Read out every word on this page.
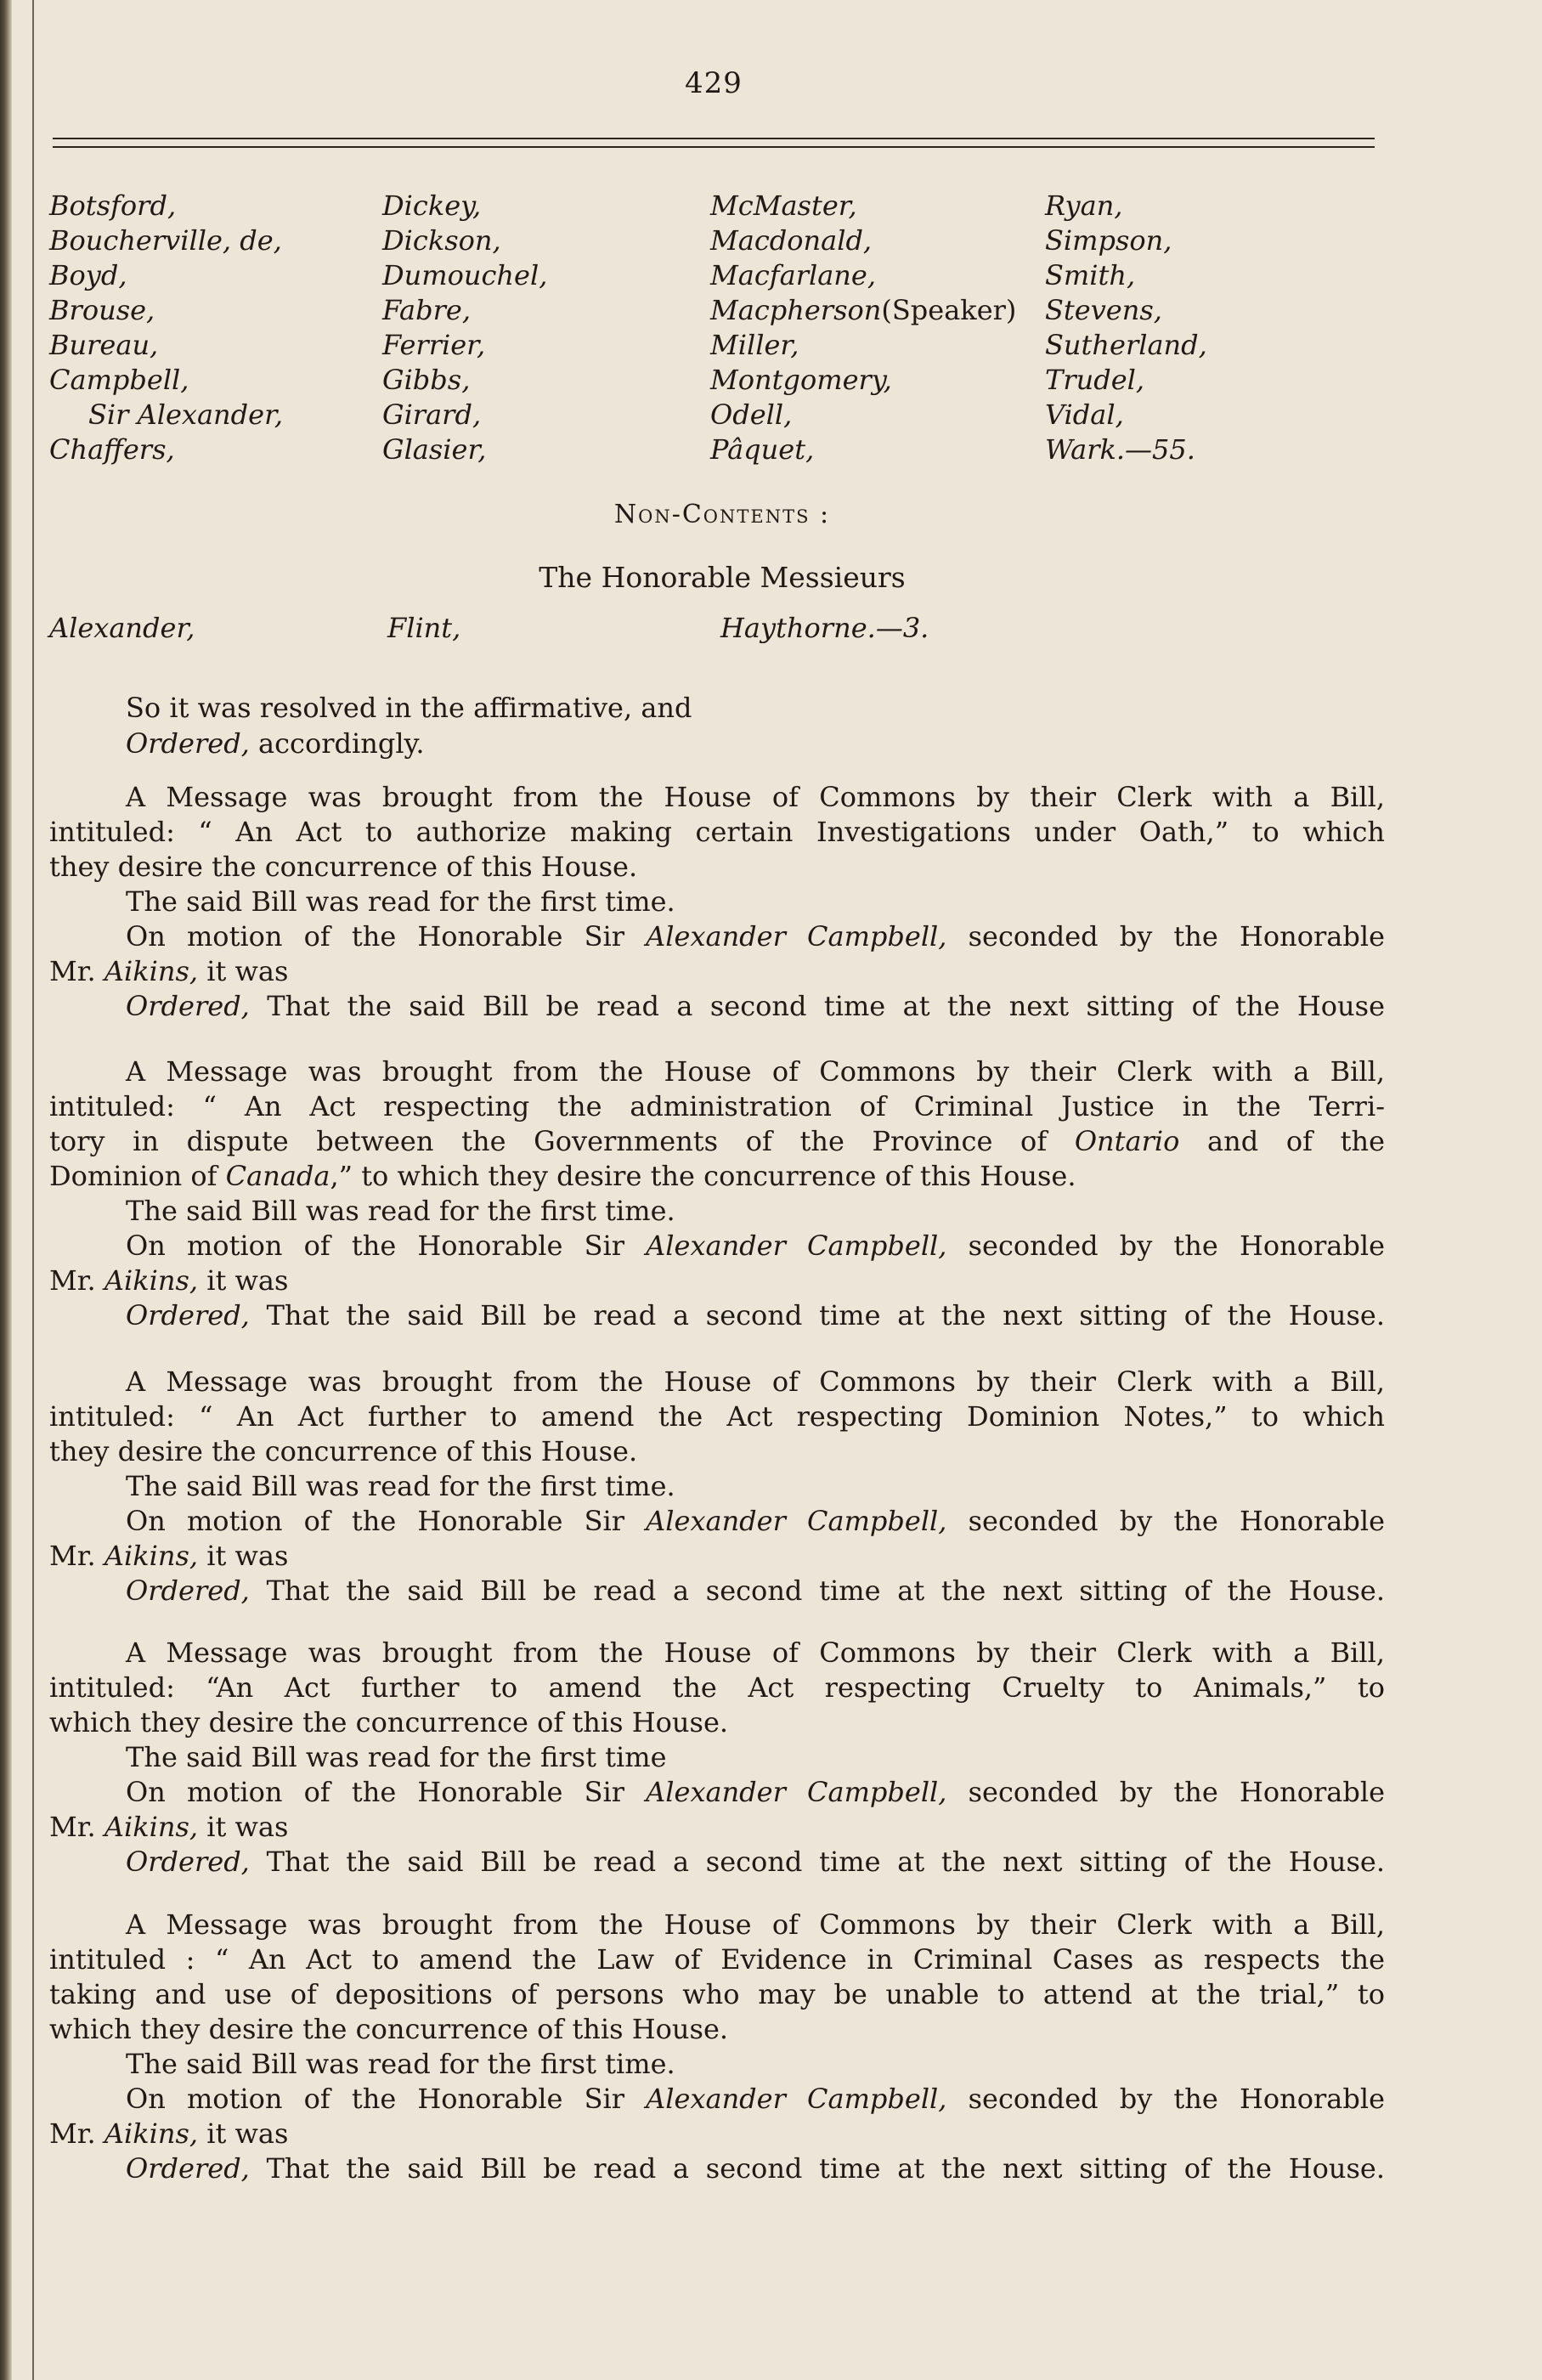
429
Botsford,
Boucherville, de,
Boyd,
Brouse,
Bureau,
Campbell,
Sir Alexander,
Chaffers,
Dickey,
Dickson,
Dumouchel,
Fabre,
Ferrier,
Gibbs,
Girard,
Glasier,
McMaster,
Macdonald,
Macfarlane,
Macpherson(Speaker)
Miller,
Montgomery,
Odell,
Pâquet,
Ryan,
Simpson,
Smith,
Stevens,
Sutherland,
Trudel,
Vidal,
Wark.—55.
Non-Contents :
The Honorable Messieurs
Alexander,	Flint,	Haythorne.—3.
So it was resolved in the affirmative, and
Ordered, accordingly.
A Message was brought from the House of Commons by their Clerk with a Bill,
intituled: “ An Act to authorize making certain Investigations under Oath,” to which
they desire the concurrence of this House.
The said Bill was read for the first time.
On motion of the Honorable Sir Alexander Campbell, seconded by the Honorable
Mr. Aikins, it was
Ordered, That the said Bill be read a second time at the next sitting of the House
A Message was brought from the House of Commons by their Clerk with a Bill,
intituled: “ An Act respecting the administration of Criminal Justice in the Terri-
tory in dispute between the Governments of the Province of Ontario and of the
Dominion of Canada,” to which they desire the concurrence of this House.
The said Bill was read for the first time.
On motion of the Honorable Sir Alexander Campbell, seconded by the Honorable
Mr. Aikins, it was
Ordered, That the said Bill be read a second time at the next sitting of the House.
A Message was brought from the House of Commons by their Clerk with a Bill,
intituled: “ An Act further to amend the Act respecting Dominion Notes,” to which
they desire the concurrence of this House.
The said Bill was read for the first time.
On motion of the Honorable Sir Alexander Campbell, seconded by the Honorable
Mr. Aikins, it was
Ordered, That the said Bill be read a second time at the next sitting of the House.
A Message was brought from the House of Commons by their Clerk with a Bill,
intituled: “An Act further to amend the Act respecting Cruelty to Animals,” to
which they desire the concurrence of this House.
The said Bill was read for the first time
On motion of the Honorable Sir Alexander Campbell, seconded by the Honorable
Mr. Aikins, it was
Ordered, That the said Bill be read a second time at the next sitting of the House.
A Message was brought from the House of Commons by their Clerk with a Bill,
intituled : “ An Act to amend the Law of Evidence in Criminal Cases as respects the
taking and use of depositions of persons who may be unable to attend at the trial,” to
which they desire the concurrence of this House.
The said Bill was read for the first time.
On motion of the Honorable Sir Alexander Campbell, seconded by the Honorable
Mr. Aikins, it was
Ordered, That the said Bill be read a second time at the next sitting of the House.
